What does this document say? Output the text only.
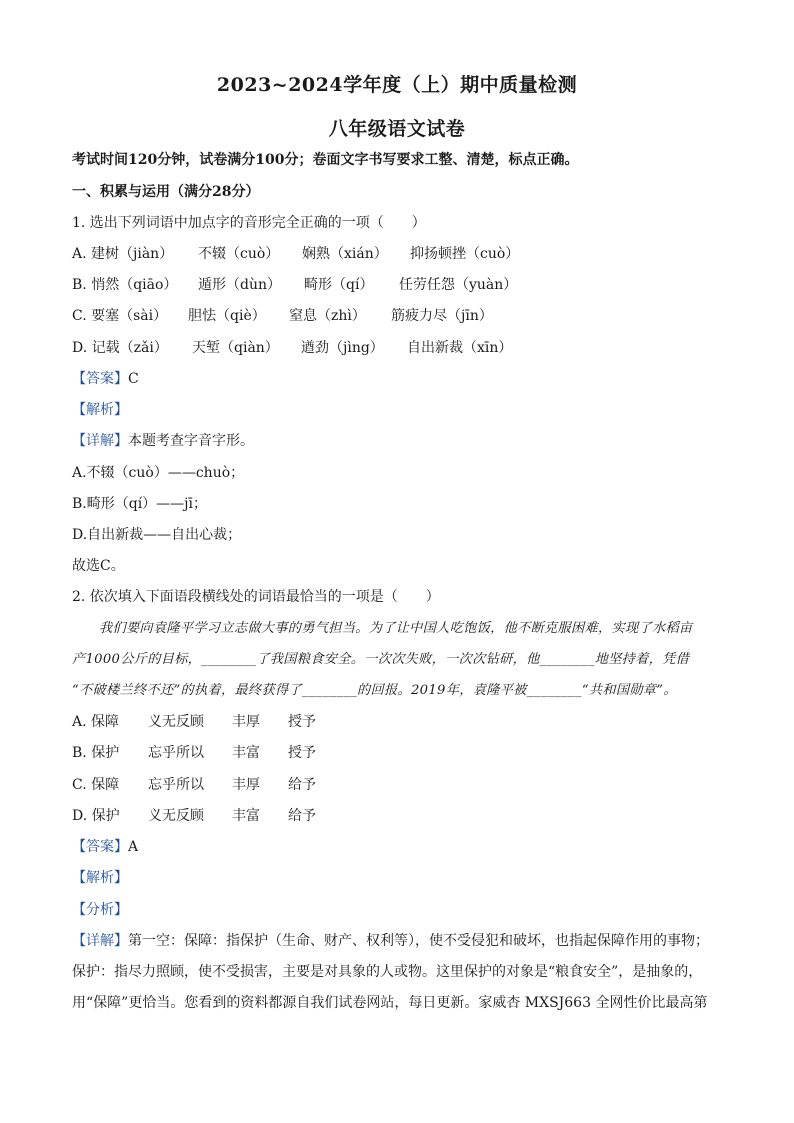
2023~2024学年度（上）期中质量检测
八年级语文试卷
考试时间120分钟，试卷满分100分；卷面文字书写要求工整、清楚，标点正确。
一、积累与运用（满分28分）
1. 选出下列词语中加点字的音形完全正确的一项（　　）
A. 建树（jiàn） 不辍（cuò） 娴熟（xián） 抑扬顿挫（cuò）
B. 悄然（qiāo） 遁形（dùn） 畸形（qí） 任劳任怨（yuàn）
C. 要塞（sài） 胆怯（qiè） 窒息（zhì） 筋疲力尽（jīn）
D. 记载（zǎi） 天堑（qiàn） 遒劲（jìng） 自出新裁（xīn）
【答案】C
【解析】
【详解】本题考查字音字形。
A.不辍（cuò）——chuò；
B.畸形（qí）——jī；
D.自出新裁——自出心裁；
故选C。
2. 依次填入下面语段横线处的词语最恰当的一项是（　　）
　　我们要向袁隆平学习立志做大事的勇气担当。为了让中国人吃饱饭，他不断克服困难，实现了水稻亩
产1000公斤的目标，________了我国粮食安全。一次次失败，一次次钻研，他________地坚持着，凭借
“不破楼兰终不还”的执着，最终获得了________的回报。2019年，袁隆平被________“共和国勋章”。
A. 保障 义无反顾 丰厚 授予
B. 保护 忘乎所以 丰富 授予
C. 保障 忘乎所以 丰厚 给予
D. 保护 义无反顾 丰富 给予
【答案】A
【解析】
【分析】
【详解】第一空：保障：指保护（生命、财产、权利等），使不受侵犯和破坏，也指起保障作用的事物；
保护：指尽力照顾，使不受损害，主要是对具象的人或物。这里保护的对象是“粮食安全”，是抽象的，
用“保障”更恰当。您看到的资料都源自我们试卷网站，每日更新。家威杏 MXSJ663 全网性价比最高第
